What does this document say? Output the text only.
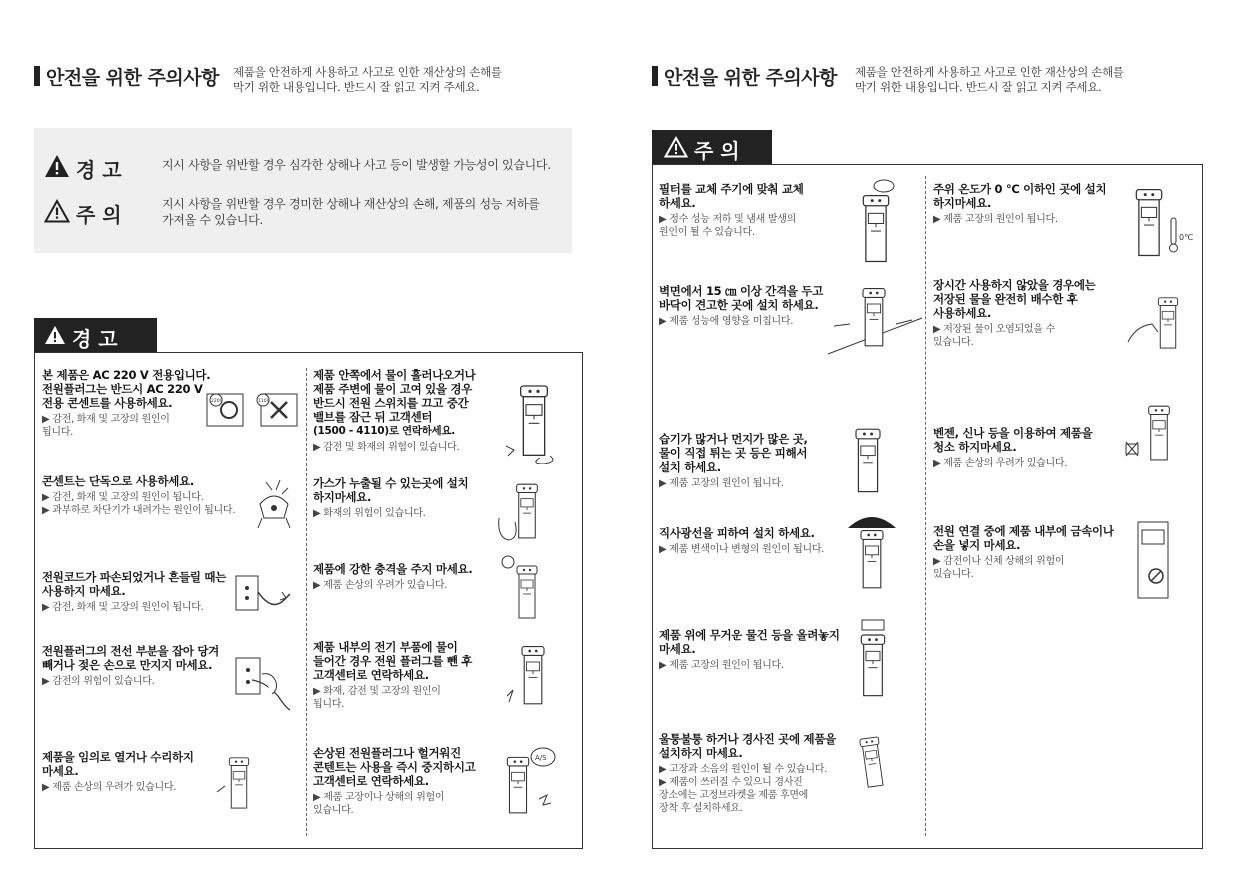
안전을 위한 주의사항 제품을 안전하게 사용하고 사고로 인한 재산상의 손해를
막기 위한 내용입니다. 반드시 잘 읽고 지켜 주세요.
경 고	지시 사항을 위반할 경우 심각한 상해나 사고 등이 발생할 가능성이 있습니다.
주 의	지시 사항을 위반할 경우 경미한 상해나 재산상의 손해, 제품의 성능 저하를
가져올 수 있습니다.
경 고
본 제품은 AC 220 V 전용입니다.
전원플러그는 반드시 AC 220 V
전용 콘센트를 사용하세요.
▶ 감전, 화재 및 고장의 원인이
됩니다.
220V	110V
콘센트는 단독으로 사용하세요.
▶ 감전, 화재 및 고장의 원인이 됩니다.
▶ 과부하로 차단기가 내려가는 원인이 됩니다.
전원코드가 파손되었거나 흔들릴 때는
사용하지 마세요.
▶ 감전, 화재 및 고장의 원인이 됩니다.
전원플러그의 전선 부분을 잡아 당겨
빼거나 젖은 손으로 만지지 마세요.
▶ 감전의 위험이 있습니다.
제품을 임의로 열거나 수리하지
마세요.
▶ 제품 손상의 우려가 있습니다.
제품 안쪽에서 물이 흘러나오거나
제품 주변에 물이 고여 있을 경우
반드시 전원 스위치를 끄고 중간
밸브를 잠근 뒤 고객센터
(1500 - 4110)로 연락하세요.
▶ 감전 및 화재의 위험이 있습니다.
가스가 누출될 수 있는곳에 설치
하지마세요.
▶ 화재의 위험이 있습니다.
제품에 강한 충격을 주지 마세요.
▶ 제품 손상의 우려가 있습니다.
제품 내부의 전기 부품에 물이
들어간 경우 전원 플러그를 뺀 후
고객센터로 연락하세요.
▶ 화재, 감전 및 고장의 원인이
됩니다.
손상된 전원플러그나 헐거워진
콘텐트는 사용을 즉시 중지하시고
고객센터로 연락하세요.
▶ 제품 고장이나 상해의 위험이
있습니다.
A/S
안전을 위한 주의사항 제품을 안전하게 사용하고 사고로 인한 재산상의 손해를
막기 위한 내용입니다. 반드시 잘 읽고 지켜 주세요.
주 의
필터를 교체 주기에 맞춰 교체
하세요.
▶ 정수 성능 저하 및 냄새 발생의
원인이 될 수 있습니다.
벽면에서 15 ㎝ 이상 간격을 두고
바닥이 견고한 곳에 설치 하세요.
▶ 제품 성능에 영향을 미칩니다.
습기가 많거나 먼지가 많은 곳,
물이 직접 튀는 곳 등은 피해서
설치 하세요.
▶ 제품 고장의 원인이 됩니다.
직사광선을 피하여 설치 하세요.
▶ 제품 변색이나 변형의 원인이 됩니다.
제품 위에 무거운 물건 등을 올려놓지
마세요.
▶ 제품 고장의 원인이 됩니다.
울퉁불퉁 하거나 경사진 곳에 제품을
설치하지 마세요.
▶ 고장과 소음의 원인이 될 수 있습니다.
▶ 제품이 쓰러질 수 있으니 경사진
장소에는 고정브라켓을 제품 후면에
장착 후 설치하세요.
주위 온도가 0 ℃ 이하인 곳에 설치
하지마세요.
▶ 제품 고장의 원인이 됩니다.
0℃
장시간 사용하지 않았을 경우에는
저장된 물을 완전히 배수한 후
사용하세요.
▶ 저장된 물이 오염되었을 수
있습니다.
벤젠, 신나 등을 이용하여 제품을
청소 하지마세요.
▶ 제품 손상의 우려가 있습니다.
전원 연결 중에 제품 내부에 금속이나
손을 넣지 마세요.
▶ 감전이나 신체 상해의 위험이
있습니다.
